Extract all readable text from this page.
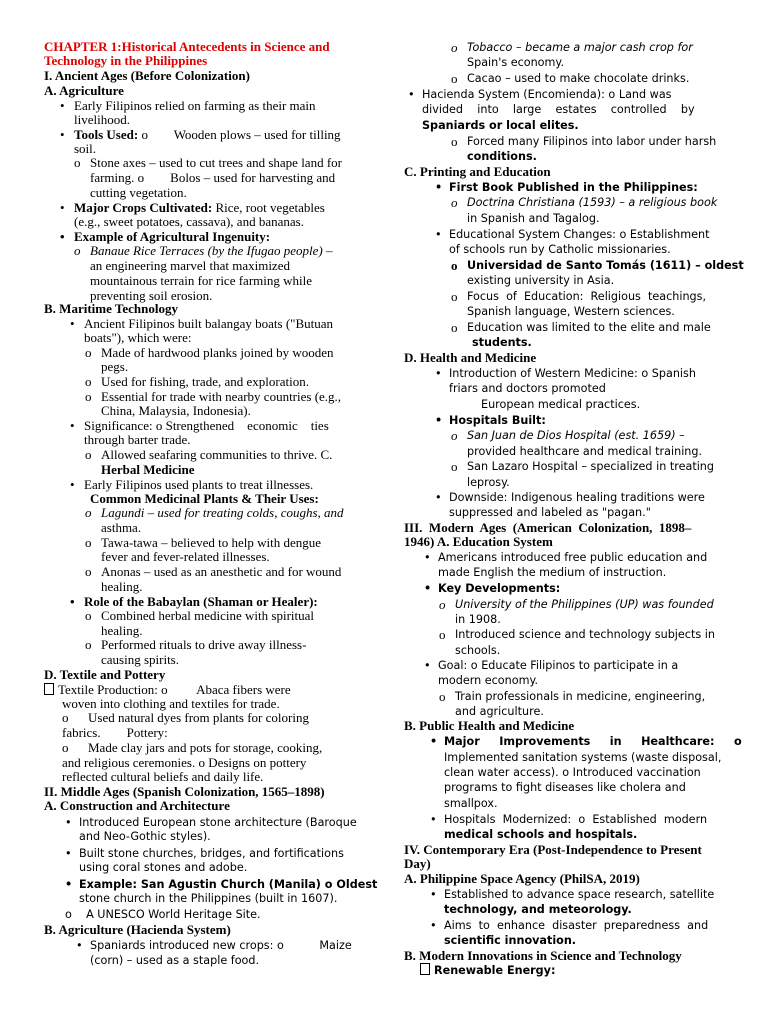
CHAPTER 1:Historical Antecedents in Science and
Technology in the Philippines
I. Ancient Ages (Before Colonization)
A. Agriculture
• Early Filipinos relied on farming as their main
livelihood.
• Tools Used: o        Wooden plows – used for tilling
soil.
o Stone axes – used to cut trees and shape land for
farming. o        Bolos – used for harvesting and
cutting vegetation.
• Major Crops Cultivated: Rice, root vegetables
(e.g., sweet potatoes, cassava), and bananas.
• Example of Agricultural Ingenuity:
o Banaue Rice Terraces (by the Ifugao people) –
an engineering marvel that maximized
mountainous terrain for rice farming while
preventing soil erosion.
B. Maritime Technology
• Ancient Filipinos built balangay boats ("Butuan
boats"), which were:
o Made of hardwood planks joined by wooden
pegs.
o Used for fishing, trade, and exploration.
o Essential for trade with nearby countries (e.g.,
China, Malaysia, Indonesia).
• Significance: o Strengthened    economic    ties
through barter trade.
o Allowed seafaring communities to thrive. C.
Herbal Medicine
• Early Filipinos used plants to treat illnesses.
Common Medicinal Plants & Their Uses:
o Lagundi – used for treating colds, coughs, and
asthma.
o Tawa-tawa – believed to help with dengue
fever and fever-related illnesses.
o Anonas – used as an anesthetic and for wound
healing.
• Role of the Babaylan (Shaman or Healer):
o Combined herbal medicine with spiritual
healing.
o Performed rituals to drive away illness-
causing spirits.
D. Textile and Pottery
Textile Production: o         Abaca fibers were
woven into clothing and textiles for trade.
o      Used natural dyes from plants for coloring
fabrics.        Pottery:
o      Made clay jars and pots for storage, cooking,
and religious ceremonies. o Designs on pottery
reflected cultural beliefs and daily life.
II. Middle Ages (Spanish Colonization, 1565–1898)
A. Construction and Architecture
• Introduced European stone architecture (Baroque
and Neo-Gothic styles).
• Built stone churches, bridges, and fortifications
using coral stones and adobe.
• Example: San Agustin Church (Manila) o Oldest
stone church in the Philippines (built in 1607).
o    A UNESCO World Heritage Site.
B. Agriculture (Hacienda System)
• Spaniards introduced new crops: o          Maize
(corn) – used as a staple food.
o Tobacco – became a major cash crop for
Spain's economy.
o Cacao – used to make chocolate drinks.
• Hacienda System (Encomienda): o Land was
divided    into    large    estates    controlled    by
Spaniards or local elites.
o Forced many Filipinos into labor under harsh
conditions.
C. Printing and Education
• First Book Published in the Philippines:
o Doctrina Christiana (1593) – a religious book
in Spanish and Tagalog.
• Educational System Changes: o Establishment
of schools run by Catholic missionaries.
o Universidad de Santo Tomás (1611) – oldest
existing university in Asia.
o Focus  of  Education:  Religious  teachings,
Spanish language, Western sciences.
o Education was limited to the elite and male
students.
D. Health and Medicine
• Introduction of Western Medicine: o Spanish
friars and doctors promoted
European medical practices.
• Hospitals Built:
o San Juan de Dios Hospital (est. 1659) –
provided healthcare and medical training.
o San Lazaro Hospital – specialized in treating
leprosy.
• Downside: Indigenous healing traditions were
suppressed and labeled as "pagan."
III.  Modern  Ages  (American  Colonization,  1898–
1946) A. Education System
• Americans introduced free public education and
made English the medium of instruction.
• Key Developments:
o University of the Philippines (UP) was founded
in 1908.
o Introduced science and technology subjects in
schools.
• Goal: o Educate Filipinos to participate in a
modern economy.
o Train professionals in medicine, engineering,
and agriculture.
B. Public Health and Medicine
• Major     Improvements     in     Healthcare:     o
Implemented sanitation systems (waste disposal,
clean water access). o Introduced vaccination
programs to fight diseases like cholera and
smallpox.
• Hospitals  Modernized:  o  Established  modern
medical schools and hospitals.
IV. Contemporary Era (Post-Independence to Present
Day)
A. Philippine Space Agency (PhilSA, 2019)
• Established to advance space research, satellite
technology, and meteorology.
• Aims  to  enhance  disaster  preparedness  and
scientific innovation.
B. Modern Innovations in Science and Technology
Renewable Energy:
